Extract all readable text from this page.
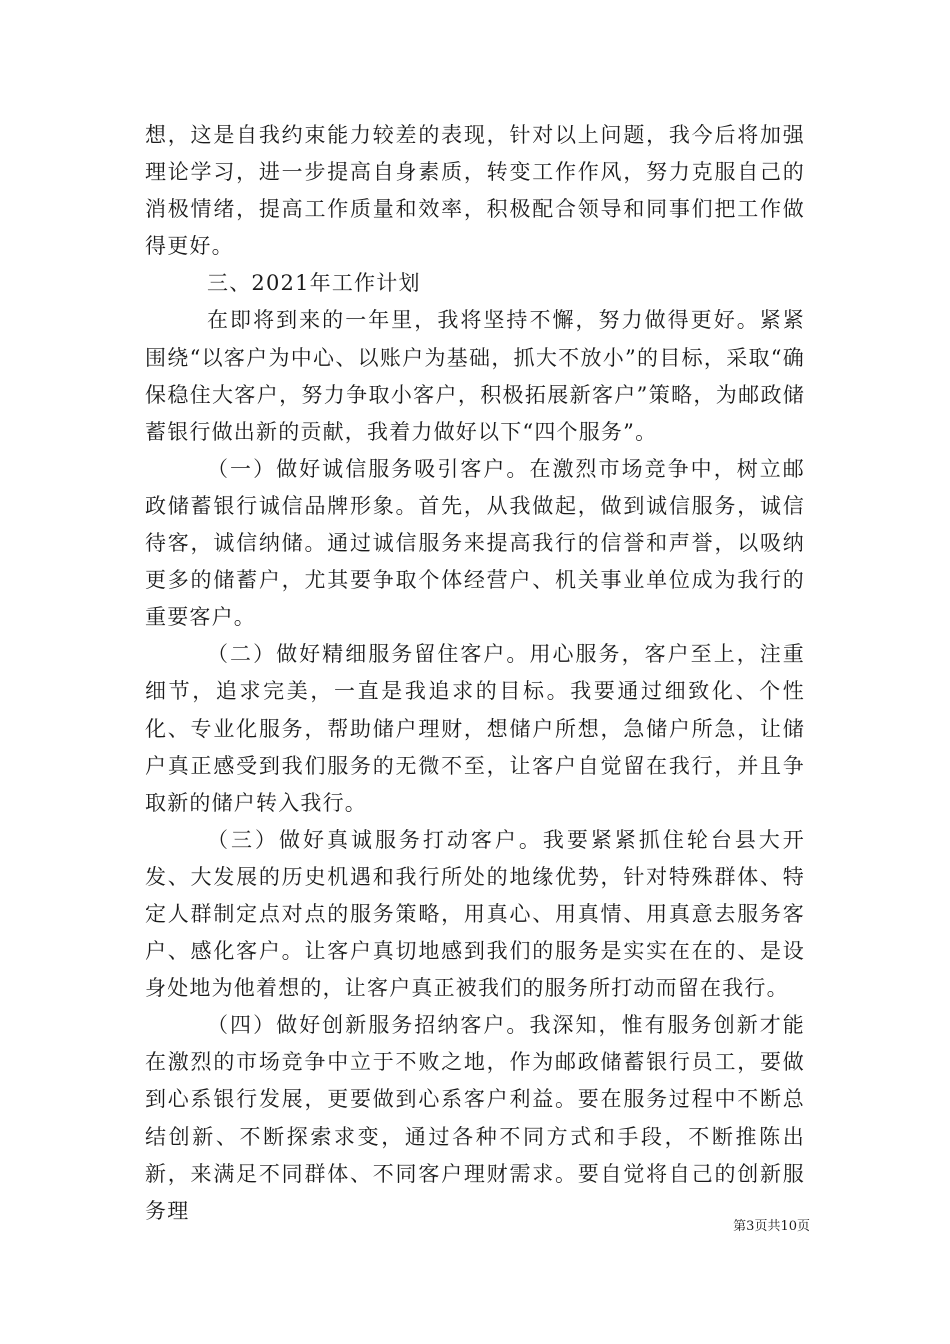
想，这是自我约束能力较差的表现，针对以上问题，我今后将加强理论学习，进一步提高自身素质，转变工作作风，努力克服自己的消极情绪，提高工作质量和效率，积极配合领导和同事们把工作做得更好。

三、2021年工作计划

在即将到来的一年里，我将坚持不懈，努力做得更好。紧紧围绕“以客户为中心、以账户为基础，抓大不放小”的目标，采取“确保稳住大客户，努力争取小客户，积极拓展新客户”策略，为邮政储蓄银行做出新的贡献，我着力做好以下“四个服务”。

（一）做好诚信服务吸引客户。在激烈市场竞争中，树立邮政储蓄银行诚信品牌形象。首先，从我做起，做到诚信服务，诚信待客，诚信纳储。通过诚信服务来提高我行的信誉和声誉，以吸纳更多的储蓄户，尤其要争取个体经营户、机关事业单位成为我行的重要客户。

（二）做好精细服务留住客户。用心服务，客户至上，注重细节，追求完美，一直是我追求的目标。我要通过细致化、个性化、专业化服务，帮助储户理财，想储户所想，急储户所急，让储户真正感受到我们服务的无微不至，让客户自觉留在我行，并且争取新的储户转入我行。

（三）做好真诚服务打动客户。我要紧紧抓住轮台县大开发、大发展的历史机遇和我行所处的地缘优势，针对特殊群体、特定人群制定点对点的服务策略，用真心、用真情、用真意去服务客户、感化客户。让客户真切地感到我们的服务是实实在在的、是设身处地为他着想的，让客户真正被我们的服务所打动而留在我行。

（四）做好创新服务招纳客户。我深知，惟有服务创新才能在激烈的市场竞争中立于不败之地，作为邮政储蓄银行员工，要做到心系银行发展，更要做到心系客户利益。要在服务过程中不断总结创新、不断探索求变，通过各种不同方式和手段，不断推陈出新，来满足不同群体、不同客户理财需求。要自觉将自己的创新服务理

第3页共10页
